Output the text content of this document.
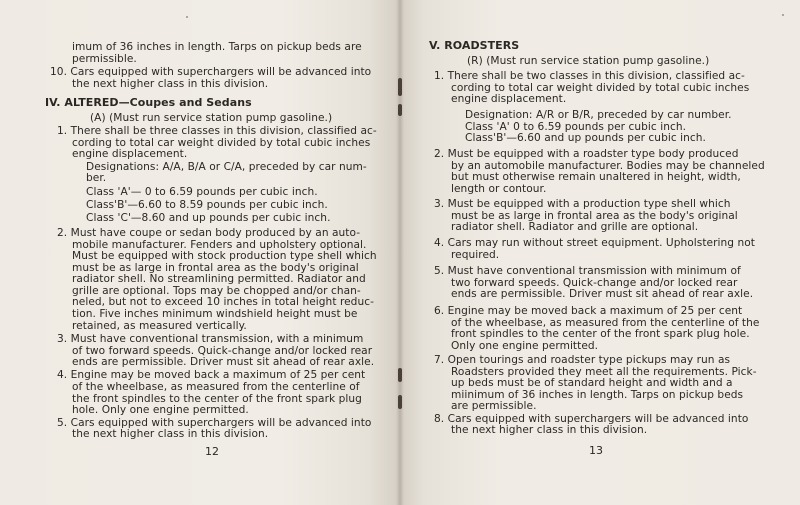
imum of 36 inches in length. Tarps on pickup beds are
permissible.
10. Cars equipped with superchargers will be advanced into
the next higher class in this division.
IV. ALTERED—Coupes and Sedans
(A) (Must run service station pump gasoline.)
1. There shall be three classes in this division, classified ac-
cording to total car weight divided by total cubic inches
engine displacement.
Designations: A/A, B/A or C/A, preceded by car num-
ber.
Class 'A'— 0 to 6.59 pounds per cubic inch.
Class'B'—6.60 to 8.59 pounds per cubic inch.
Class 'C'—8.60 and up pounds per cubic inch.
2. Must have coupe or sedan body produced by an auto-
mobile manufacturer. Fenders and upholstery optional.
Must be equipped with stock production type shell which
must be as large in frontal area as the body's original
radiator shell. No streamlining permitted. Radiator and
grille are optional. Tops may be chopped and/or chan-
neled, but not to exceed 10 inches in total height reduc-
tion. Five inches minimum windshield height must be
retained, as measured vertically.
3. Must have conventional transmission, with a minimum
of two forward speeds. Quick-change and/or locked rear
ends are permissible. Driver must sit ahead of rear axle.
4. Engine may be moved back a maximum of 25 per cent
of the wheelbase, as measured from the centerline of
the front spindles to the center of the front spark plug
hole. Only one engine permitted.
5. Cars equipped with superchargers will be advanced into
the next higher class in this division.
12
V. ROADSTERS
(R) (Must run service station pump gasoline.)
1. There shall be two classes in this division, classified ac-
cording to total car weight divided by total cubic inches
engine displacement.
Designation: A/R or B/R, preceded by car number.
Class 'A' 0 to 6.59 pounds per cubic inch.
Class'B'—6.60 and up pounds per cubic inch.
2. Must be equipped with a roadster type body produced
by an automobile manufacturer. Bodies may be channeled
but must otherwise remain unaltered in height, width,
length or contour.
3. Must be equipped with a production type shell which
must be as large in frontal area as the body's original
radiator shell. Radiator and grille are optional.
4. Cars may run without street equipment. Upholstering not
required.
5. Must have conventional transmission with minimum of
two forward speeds. Quick-change and/or locked rear
ends are permissible. Driver must sit ahead of rear axle.
6. Engine may be moved back a maximum of 25 per cent
of the wheelbase, as measured from the centerline of the
front spindles to the center of the front spark plug hole.
Only one engine permitted.
7. Open tourings and roadster type pickups may run as
Roadsters provided they meet all the requirements. Pick-
up beds must be of standard height and width and a
miinimum of 36 inches in length. Tarps on pickup beds
are permissible.
8. Cars equipped with superchargers will be advanced into
the next higher class in this division.
13
